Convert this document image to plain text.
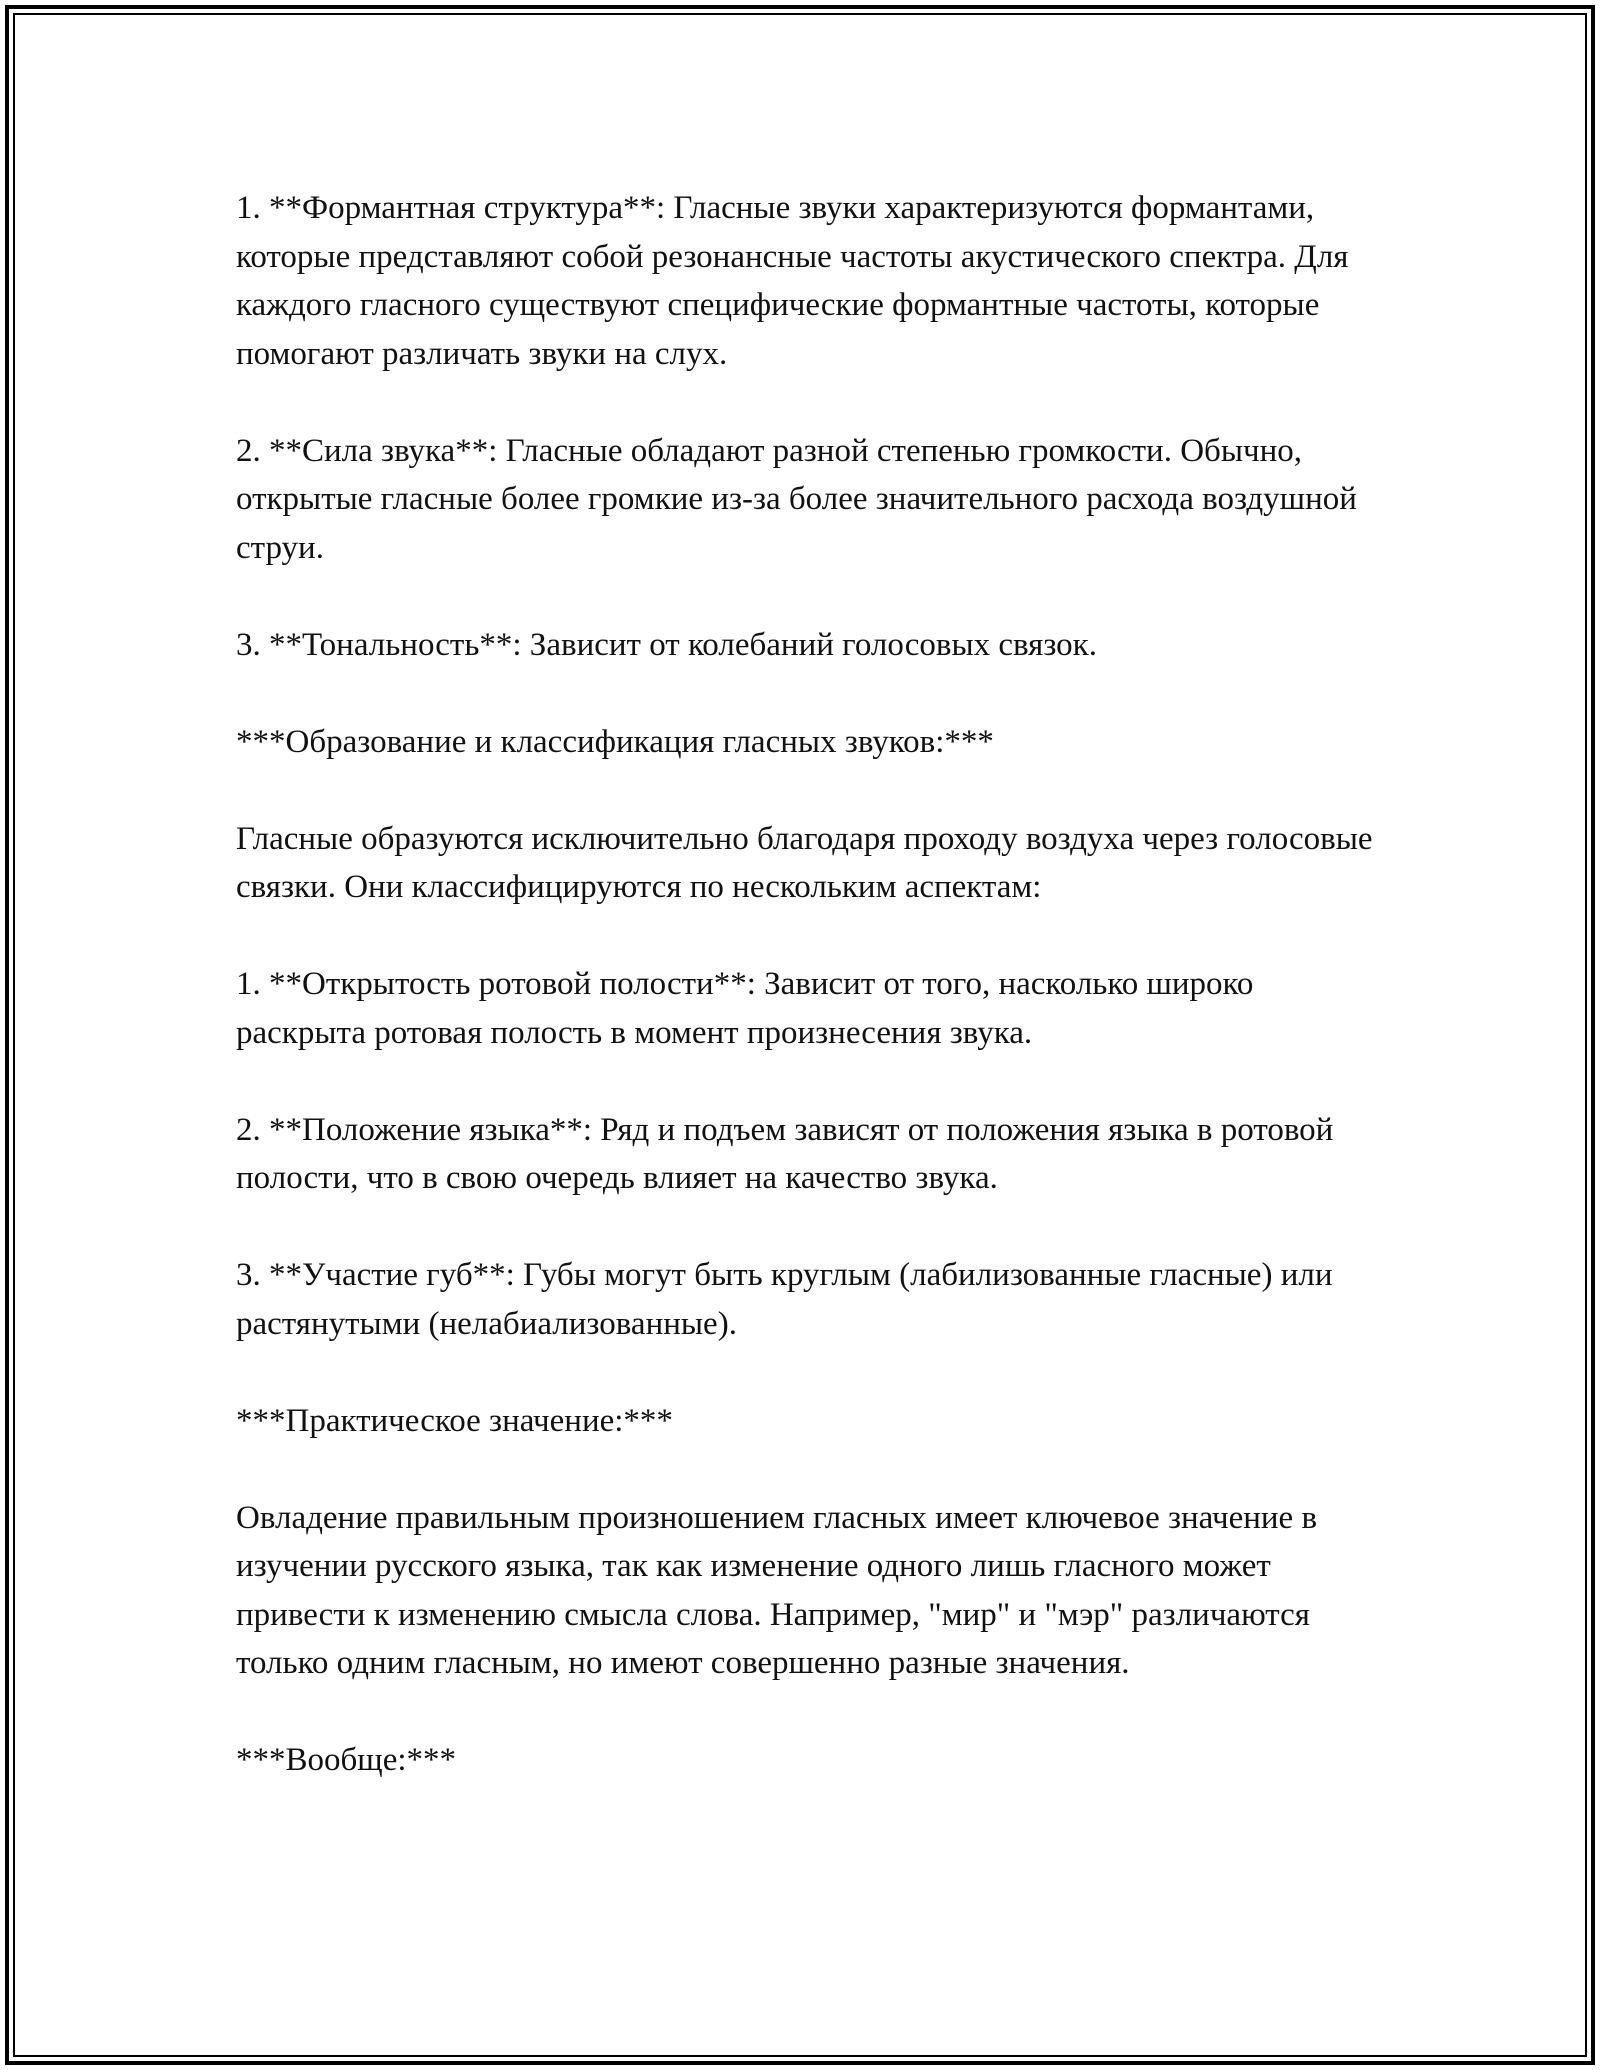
1. **Формантная структура**: Гласные звуки характеризуются формантами, которые представляют собой резонансные частоты акустического спектра. Для каждого гласного существуют специфические формантные частоты, которые помогают различать звуки на слух.

2. **Сила звука**: Гласные обладают разной степенью громкости. Обычно, открытые гласные более громкие из-за более значительного расхода воздушной струи.

3. **Тональность**: Зависит от колебаний голосовых связок.

***Образование и классификация гласных звуков:***

Гласные образуются исключительно благодаря проходу воздуха через голосовые связки. Они классифицируются по нескольким аспектам:

1. **Открытость ротовой полости**: Зависит от того, насколько широко раскрыта ротовая полость в момент произнесения звука.

2. **Положение языка**: Ряд и подъем зависят от положения языка в ротовой полости, что в свою очередь влияет на качество звука.

3. **Участие губ**: Губы могут быть круглым (лабилизованные гласные) или растянутыми (нелабиализованные).

***Практическое значение:***

Овладение правильным произношением гласных имеет ключевое значение в изучении русского языка, так как изменение одного лишь гласного может привести к изменению смысла слова. Например, "мир" и "мэр" различаются только одним гласным, но имеют совершенно разные значения.

***Вообще:***
